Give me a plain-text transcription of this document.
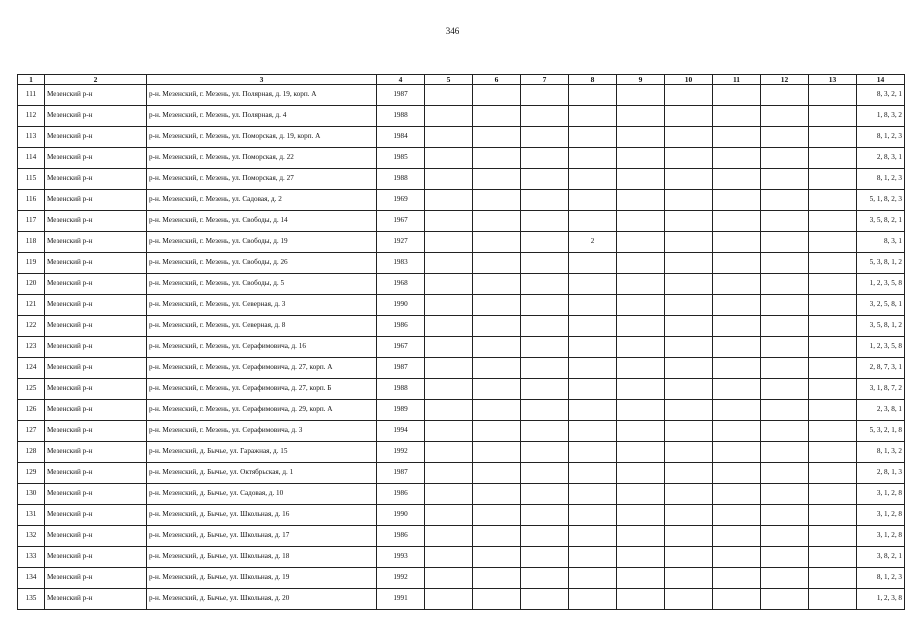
346
1	2	3	4	5	6	7	8	9	10	11	12	13	14
111	Мезенский р-н	р-н. Мезенский, г. Мезень, ул. Полярная, д. 19, корп. А	1987										8, 3, 2, 1
112	Мезенский р-н	р-н. Мезенский, г. Мезень, ул. Полярная, д. 4	1988										1, 8, 3, 2
113	Мезенский р-н	р-н. Мезенский, г. Мезень, ул. Поморская, д. 19, корп. А	1984										8, 1, 2, 3
114	Мезенский р-н	р-н. Мезенский, г. Мезень, ул. Поморская, д. 22	1985										2, 8, 3, 1
115	Мезенский р-н	р-н. Мезенский, г. Мезень, ул. Поморская, д. 27	1988										8, 1, 2, 3
116	Мезенский р-н	р-н. Мезенский, г. Мезень, ул. Садовая, д. 2	1969										5, 1, 8, 2, 3
117	Мезенский р-н	р-н. Мезенский, г. Мезень, ул. Свободы, д. 14	1967										3, 5, 8, 2, 1
118	Мезенский р-н	р-н. Мезенский, г. Мезень, ул. Свободы, д. 19	1927				2						8, 3, 1
119	Мезенский р-н	р-н. Мезенский, г. Мезень, ул. Свободы, д. 26	1983										5, 3, 8, 1, 2
120	Мезенский р-н	р-н. Мезенский, г. Мезень, ул. Свободы, д. 5	1968										1, 2, 3, 5, 8
121	Мезенский р-н	р-н. Мезенский, г. Мезень, ул. Северная, д. 3	1990										3, 2, 5, 8, 1
122	Мезенский р-н	р-н. Мезенский, г. Мезень, ул. Северная, д. 8	1986										3, 5, 8, 1, 2
123	Мезенский р-н	р-н. Мезенский, г. Мезень, ул. Серафимовича, д. 16	1967										1, 2, 3, 5, 8
124	Мезенский р-н	р-н. Мезенский, г. Мезень, ул. Серафимовича, д. 27, корп. А	1987										2, 8, 7, 3, 1
125	Мезенский р-н	р-н. Мезенский, г. Мезень, ул. Серафимовича, д. 27, корп. Б	1988										3, 1, 8, 7, 2
126	Мезенский р-н	р-н. Мезенский, г. Мезень, ул. Серафимовича, д. 29, корп. А	1989										2, 3, 8, 1
127	Мезенский р-н	р-н. Мезенский, г. Мезень, ул. Серафимовича, д. 3	1994										5, 3, 2, 1, 8
128	Мезенский р-н	р-н. Мезенский, д. Бычье, ул. Гаражная, д. 15	1992										8, 1, 3, 2
129	Мезенский р-н	р-н. Мезенский, д. Бычье, ул. Октябрьская, д. 1	1987										2, 8, 1, 3
130	Мезенский р-н	р-н. Мезенский, д. Бычье, ул. Садовая, д. 10	1986										3, 1, 2, 8
131	Мезенский р-н	р-н. Мезенский, д. Бычье, ул. Школьная, д. 16	1990										3, 1, 2, 8
132	Мезенский р-н	р-н. Мезенский, д. Бычье, ул. Школьная, д. 17	1986										3, 1, 2, 8
133	Мезенский р-н	р-н. Мезенский, д. Бычье, ул. Школьная, д. 18	1993										3, 8, 2, 1
134	Мезенский р-н	р-н. Мезенский, д. Бычье, ул. Школьная, д. 19	1992										8, 1, 2, 3
135	Мезенский р-н	р-н. Мезенский, д. Бычье, ул. Школьная, д. 20	1991										1, 2, 3, 8
